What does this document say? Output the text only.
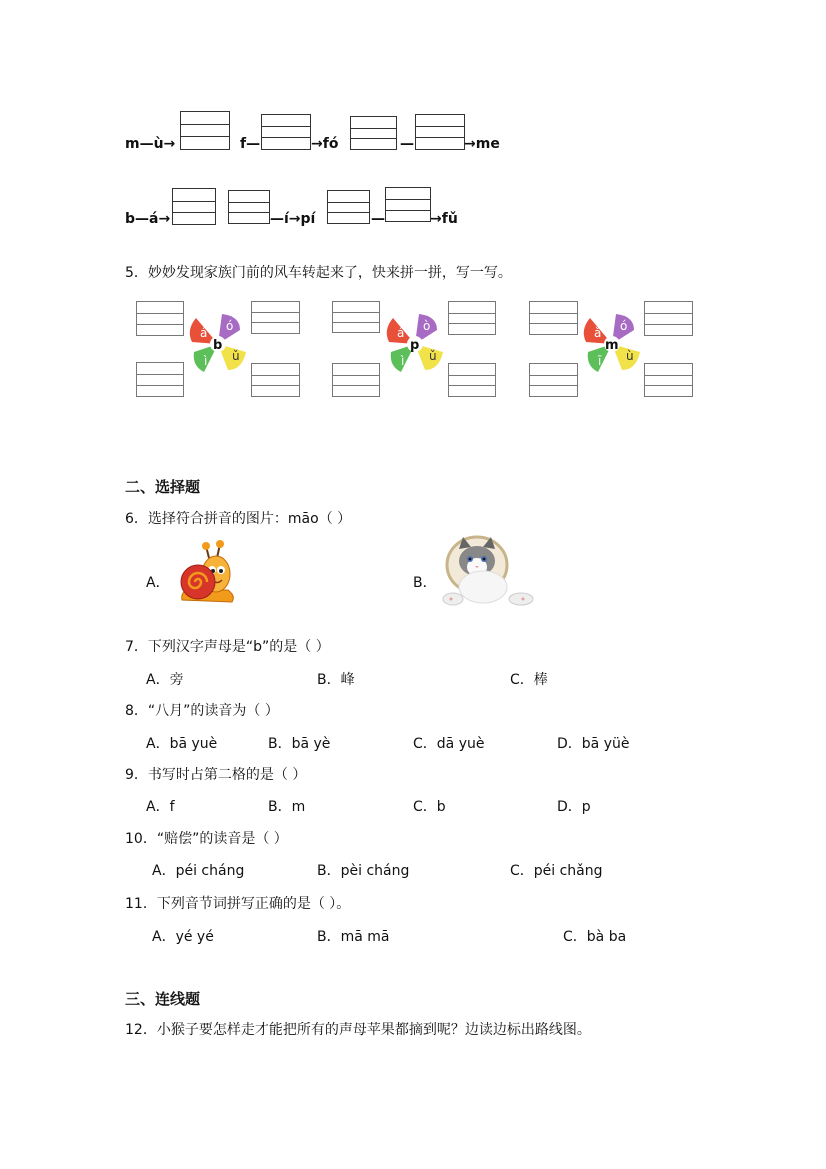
m—ù→	f—	→fó	—	→me
b—á→	—í→pí	—	→fǔ
5．妙妙发现家族门前的风车转起来了，快来拼一拼，写一写。
á ó
ǔ
ì
b
á ò
ǔ
ì
p
ǎ ó
ù
ī
m
二、选择题
6．选择符合拼音的图片：māo（ ）
A．	B．
7．下列汉字声母是“b”的是（ ）
A．旁	B．峰	C．棒
8．“八月”的读音为（ ）
A．bā yuè	B．bā yè	C．dā yuè	D．bā yüè
9．书写时占第二格的是（ ）
A．f	B．m	C．b	D．p
10．“赔偿”的读音是（ ）
A．péi cháng	B．pèi cháng	C．péi chǎng
11．下列音节词拼写正确的是（ ）。
A．yé yé	B．mā mā	C．bà ba
三、连线题
12．小猴子要怎样走才能把所有的声母苹果都摘到呢？边读边标出路线图。
